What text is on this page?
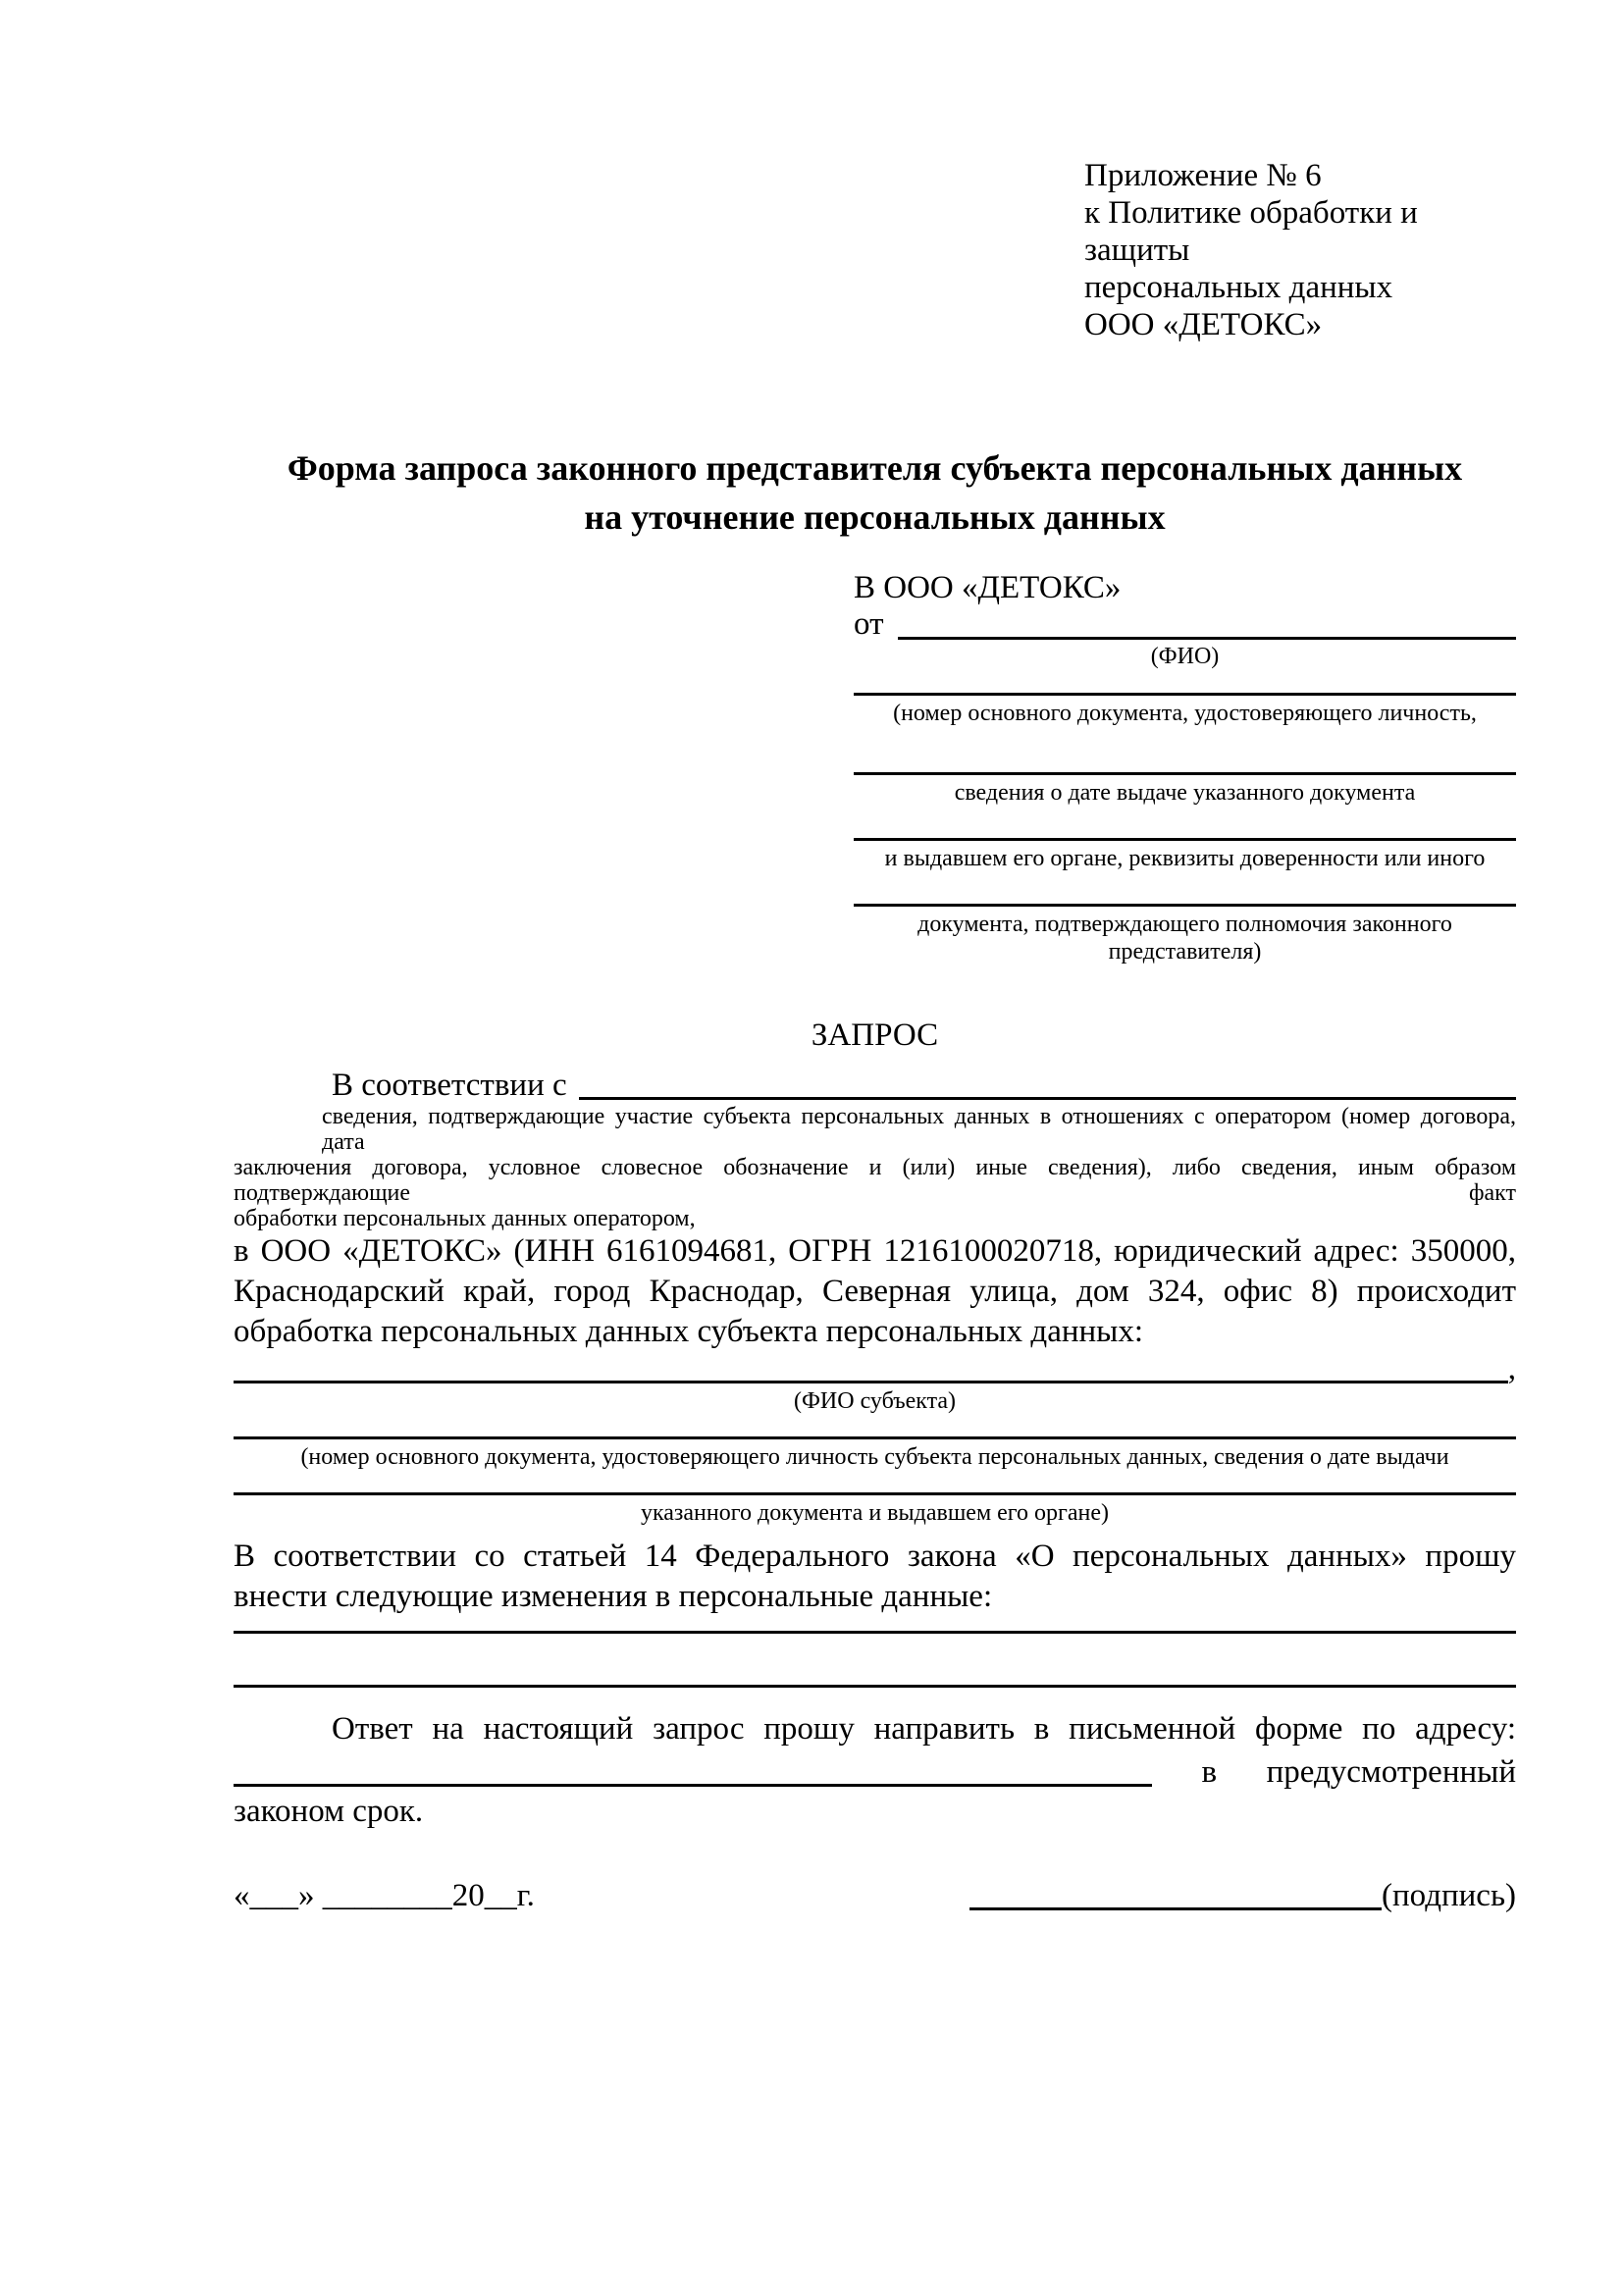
Приложение № 6
к Политике обработки и защиты
персональных данных
ООО «ДЕТОКС»
Форма запроса законного представителя субъекта персональных данных
на уточнение персональных данных
В ООО «ДЕТОКС»
от
(ФИО)
(номер основного документа, удостоверяющего личность,
сведения о дате выдаче указанного документа
и выдавшем его органе, реквизиты доверенности или иного
документа, подтверждающего полномочия законного представителя)
ЗАПРОС
В соответствии с
сведения, подтверждающие участие субъекта персональных данных в отношениях с оператором (номер договора, дата
заключения договора, условное словесное обозначение и (или) иные сведения), либо сведения, иным образом подтверждающие факт
обработки персональных данных оператором,
в ООО «ДЕТОКС» (ИНН 6161094681, ОГРН 1216100020718, юридический адрес: 350000,
Краснодарский край, город Краснодар, Северная улица, дом 324, офис 8) происходит
обработка персональных данных субъекта персональных данных:
,
(ФИО субъекта)
(номер основного документа, удостоверяющего личность субъекта персональных данных, сведения о дате выдачи
указанного документа и выдавшем его органе)
В соответствии со статьей 14 Федерального закона «О персональных данных» прошу
внести следующие изменения в персональные данные:
Ответ на настоящий запрос прошу направить в письменной форме по адресу:
в предусмотренный
законом срок.
«___» ________20__г.	(подпись)
